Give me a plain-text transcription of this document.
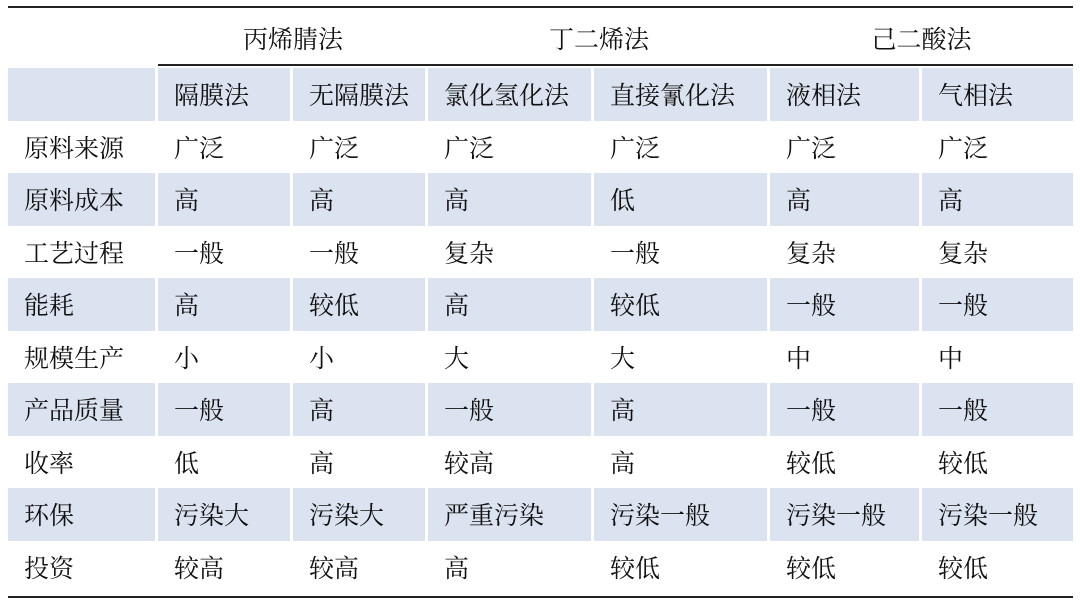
丙烯腈法	丁二烯法	己二酸法
	隔膜法	无隔膜法	氯化氢化法	直接氰化法	液相法	气相法
原料来源	广泛	广泛	广泛	广泛	广泛	广泛
原料成本	高	高	高	低	高	高
工艺过程	一般	一般	复杂	一般	复杂	复杂
能耗	高	较低	高	较低	一般	一般
规模生产	小	小	大	大	中	中
产品质量	一般	高	一般	高	一般	一般
收率	低	高	较高	高	较低	较低
环保	污染大	污染大	严重污染	污染一般	污染一般	污染一般
投资	较高	较高	高	较低	较低	较低
